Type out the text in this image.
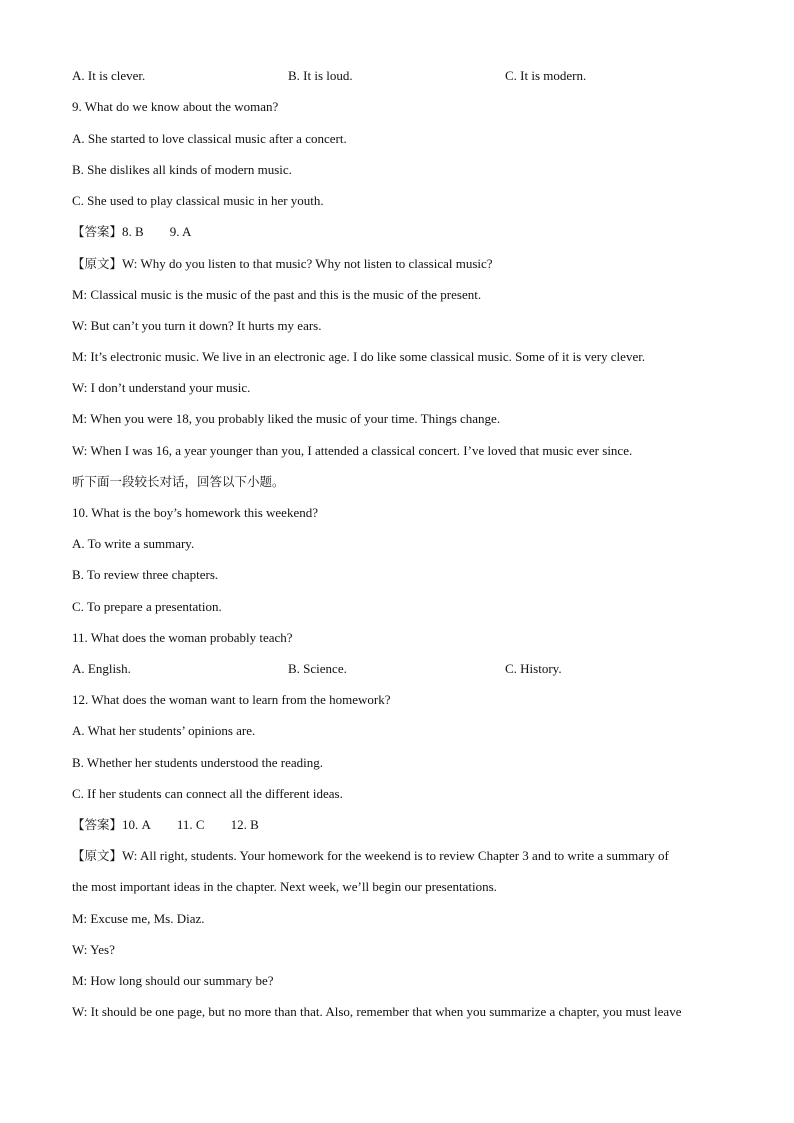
A. It is clever.	B. It is loud.	C. It is modern.
9. What do we know about the woman?
A. She started to love classical music after a concert.
B. She dislikes all kinds of modern music.
C. She used to play classical music in her youth.
【答案】8. B 9. A
【原文】W: Why do you listen to that music? Why not listen to classical music?
M: Classical music is the music of the past and this is the music of the present.
W: But can’t you turn it down? It hurts my ears.
M: It’s electronic music. We live in an electronic age. I do like some classical music. Some of it is very clever.
W: I don’t understand your music.
M: When you were 18, you probably liked the music of your time. Things change.
W: When I was 16, a year younger than you, I attended a classical concert. I’ve loved that music ever since.
听下面一段较长对话，回答以下小题。
10. What is the boy’s homework this weekend?
A. To write a summary.
B. To review three chapters.
C. To prepare a presentation.
11. What does the woman probably teach?
A. English.	B. Science.	C. History.
12. What does the woman want to learn from the homework?
A. What her students’ opinions are.
B. Whether her students understood the reading.
C. If her students can connect all the different ideas.
【答案】10. A 11. C 12. B
【原文】W: All right, students. Your homework for the weekend is to review Chapter 3 and to write a summary of
the most important ideas in the chapter. Next week, we’ll begin our presentations.
M: Excuse me, Ms. Diaz.
W: Yes?
M: How long should our summary be?
W: It should be one page, but no more than that. Also, remember that when you summarize a chapter, you must leave
